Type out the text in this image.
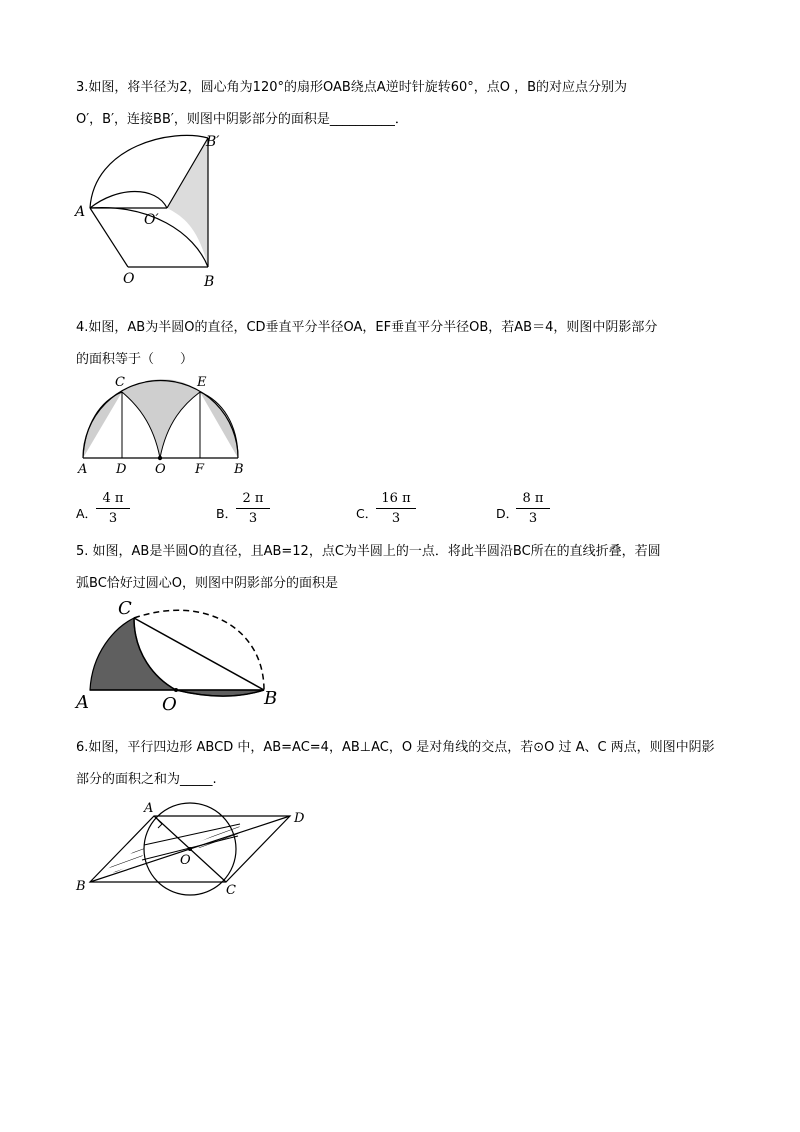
3.如图，将半径为2，圆心角为120°的扇形OAB绕点A逆时针旋转60°，点O ，B的对应点分别为
O′，B′，连接BB′，则图中阴影部分的面积是__________．
B′
A	O′
O	B
4.如图，AB为半圆O的直径，CD垂直平分半径OA，EF垂直平分半径OB，若AB＝4，则图中阴影部分
的面积等于（　　）
C	E
A D O F B
A．
$\frac{4 \pi}{3}$	B．
$\frac{2 \pi}{3}$	C．
$\frac{16 \pi}{3}$	D．
$\frac{8 \pi}{3}$
5. 如图，AB是半圆O的直径，且AB=12，点C为半圆上的一点．将此半圆沿BC所在的直线折叠，若圆
弧BC恰好过圆心O，则图中阴影部分的面积是
C
A	O	B
6.如图，平行四边形 ABCD 中，AB=AC=4，AB⊥AC，O 是对角线的交点，若⊙O 过 A、C 两点，则图中阴影
部分的面积之和为_____.
A
D
O
B	C
